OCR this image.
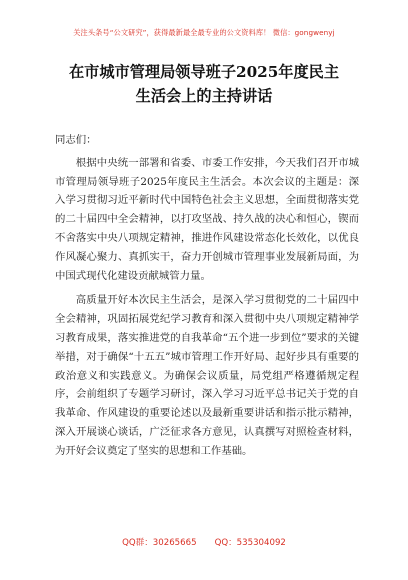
关注头条号“公文研究”，获得最新最全最专业的公文资料库！ 微信：gongwenyj
在市城市管理局领导班子2025年度民主
生活会上的主持讲话

同志们：

根据中央统一部署和省委、市委工作安排，今天我们召开市城市管理局领导班子2025年度民主生活会。本次会议的主题是：深入学习贯彻习近平新时代中国特色社会主义思想，全面贯彻落实党的二十届四中全会精神，以打攻坚战、持久战的决心和恒心，锲而不舍落实中央八项规定精神，推进作风建设常态化长效化，以优良作风凝心聚力、真抓实干，奋力开创城市管理事业发展新局面，为中国式现代化建设贡献城管力量。

高质量开好本次民主生活会，是深入学习贯彻党的二十届四中全会精神，巩固拓展党纪学习教育和深入贯彻中央八项规定精神学习教育成果，落实推进党的自我革命“五个进一步到位”要求的关键举措，对于确保“十五五”城市管理工作开好局、起好步具有重要的政治意义和实践意义。为确保会议质量，局党组严格遵循规定程序，会前组织了专题学习研讨，深入学习习近平总书记关于党的自我革命、作风建设的重要论述以及最新重要讲话和指示批示精神，深入开展谈心谈话，广泛征求各方意见，认真撰写对照检查材料，为开好会议奠定了坚实的思想和工作基础。

QQ群：30265665 QQ：535304092
